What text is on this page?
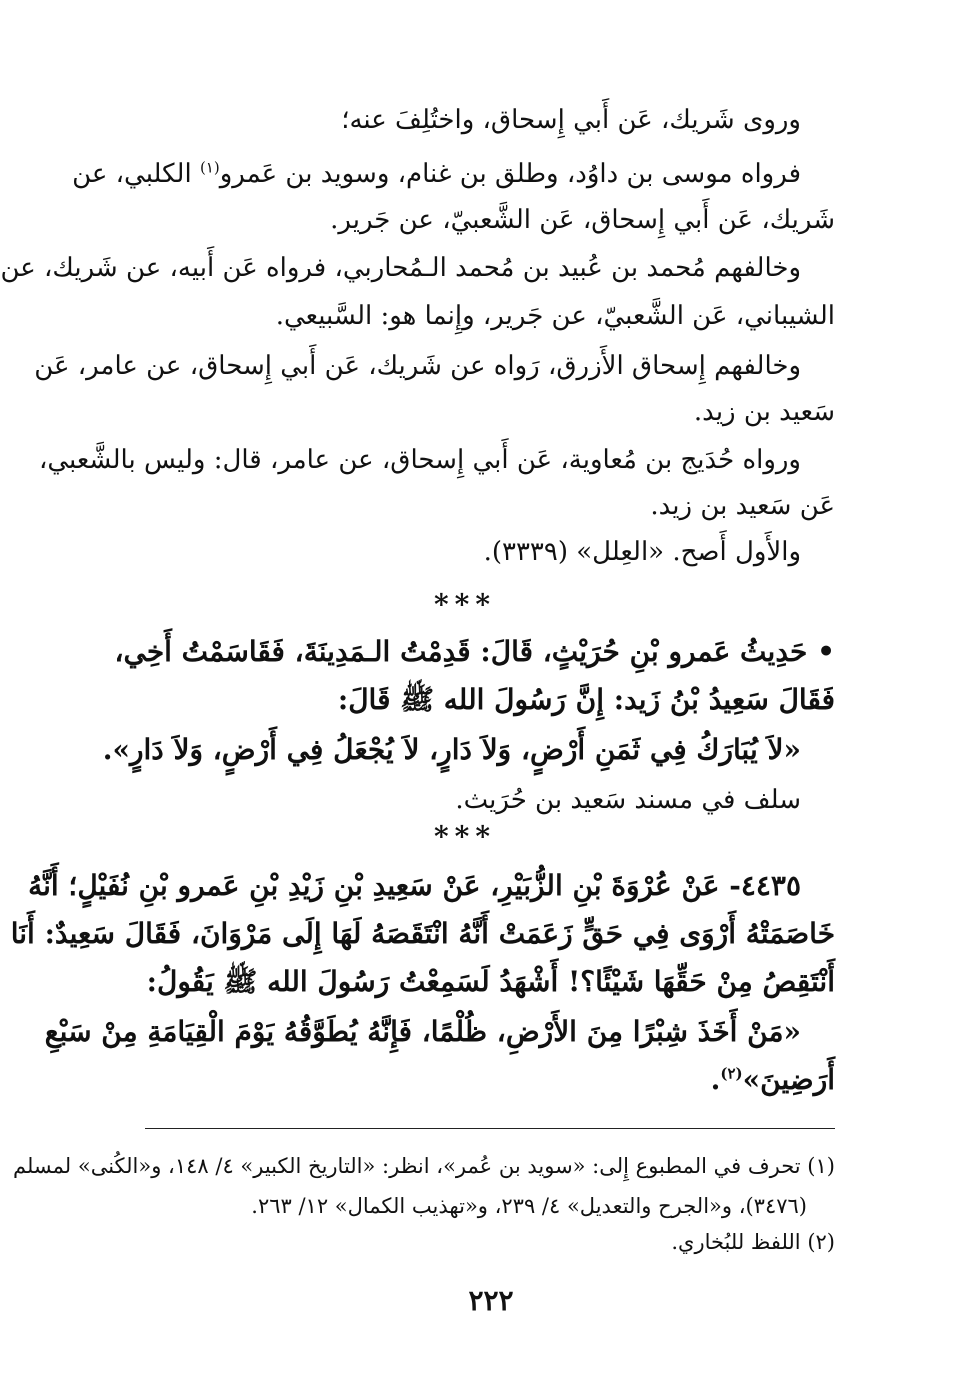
وروى شَريك، عَن أَبي إِسحاق، واختُلِفَ عنه؛
فرواه موسى بن داوُد، وطلق بن غنام، وسويد بن عَمرو$^{(١)}$ الكلبي، عن
شَريك، عَن أَبي إِسحاق، عَن الشَّعبيّ، عن جَرير.
وخالفهم مُحمد بن عُبيد بن مُحمد الـمُحاربي، فرواه عَن أَبيه، عن شَريك، عن
الشيباني، عَن الشَّعبيّ، عن جَرير، وإِنما هو: السَّبيعي.
وخالفهم إِسحاق الأَزرق، رَواه عن شَريك، عَن أَبي إِسحاق، عن عامر، عَن
سَعيد بن زيد.
ورواه حُدَيج بن مُعاوية، عَن أَبي إِسحاق، عن عامر، قال: وليس بالشَّعبي،
عَن سَعيد بن زيد.
والأَول أَصح. «العِلل» (٣٣٣٩).
***
• حَدِيثُ عَمرو بْنِ حُرَيْثٍ، قَالَ: قَدِمْتُ الـمَدِينَةَ، فَقَاسَمْتُ أَخِي،
فَقَالَ سَعِيدُ بْنُ زَيد: إِنَّ رَسُولَ الله ﷺ قَالَ:
«لاَ يُبَارَكُ فِي ثَمَنِ أَرْضٍ، وَلاَ دَارٍ، لاَ يُجْعَلُ فِي أَرْضٍ، وَلاَ دَارٍ».
سلف في مسند سَعيد بن حُرَيث.
***
٤٤٣٥- عَنْ عُرْوَةَ بْنِ الزُّبَيْرِ، عَنْ سَعِيدِ بْنِ زَيْدِ بْنِ عَمرو بْنِ نُفَيْلٍ؛ أَنَّهُ
خَاصَمَتْهُ أَرْوَى فِي حَقٍّ زَعَمَتْ أَنَّهُ انْتَقَصَهُ لَهَا إِلَى مَرْوَانَ، فَقَالَ سَعِيدٌ: أَنَا
أَنْتَقِصُ مِنْ حَقِّهَا شَيْئًا؟! أَشْهَدُ لَسَمِعْتُ رَسُولَ الله ﷺ يَقُولُ:
«مَنْ أَخَذَ شِبْرًا مِنَ الأَرْضِ، ظُلْمًا، فَإِنَّهُ يُطَوَّقُهُ يَوْمَ الْقِيَامَةِ مِنْ سَبْعِ
أَرَضِينَ»$^{(٢)}$.
(١) تحرف في المطبوع إِلى: «سويد بن عُمر»، انظر: «التاريخ الكبير» ٤/ ١٤٨، و«الكُنى» لمسلم
(٣٤٧٦)، و«الجرح والتعديل» ٤/ ٢٣٩، و«تهذيب الكمال» ١٢/ ٢٦٣.
(٢) اللفظ للبُخاري.
٢٢٢
